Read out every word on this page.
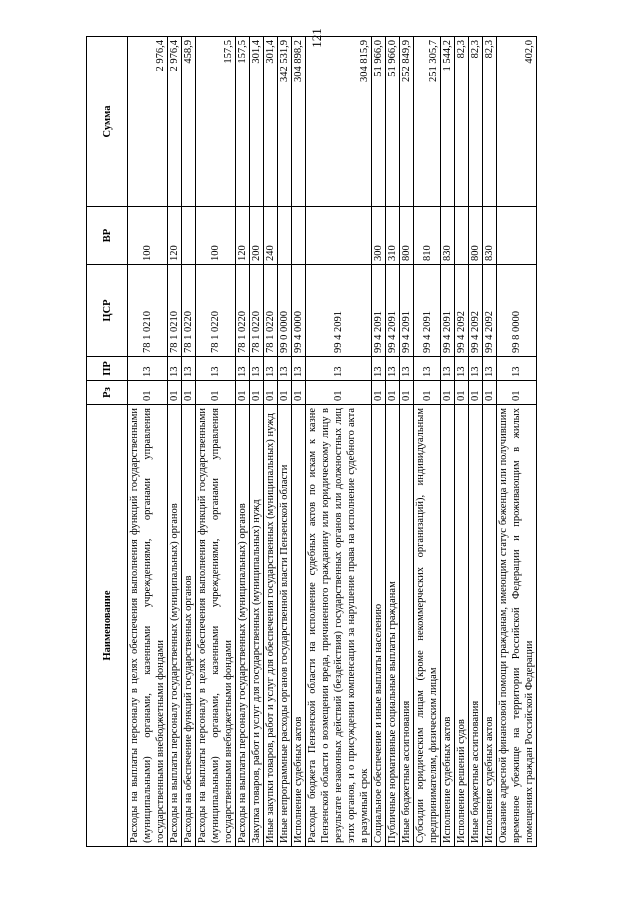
121
Наименование	Рз	ПР	ЦСР	ВР	Сумма
Расходы на выплаты персоналу в целях обеспечения выполнения функций государственными (муниципальными) органами, казенными учреждениями, органами управления государственными внебюджетными фондами	01	13	78 1 0210	100	2 976,4
Расходы на выплаты персоналу государственных (муниципальных) органов	01	13	78 1 0210	120	2 976,4
Расходы на обеспечение функций государственных органов	01	13	78 1 0220		458,9
Расходы на выплаты персоналу в целях обеспечения выполнения функций государственными (муниципальными) органами, казенными учреждениями, органами управления государственными внебюджетными фондами	01	13	78 1 0220	100	157,5
Расходы на выплаты персоналу государственных (муниципальных) органов	01	13	78 1 0220	120	157,5
Закупка товаров, работ и услуг для государственных (муниципальных) нужд	01	13	78 1 0220	200	301,4
Иные закупки товаров, работ и услуг для обеспечения государственных (муниципальных) нужд	01	13	78 1 0220	240	301,4
Иные непрограммные расходы органов государственной власти Пензенской области	01	13	99 0 0000		342 531,9
Исполнение судебных актов	01	13	99 4 0000		304 898,2
Расходы бюджета Пензенской области на исполнение судебных актов по искам к казне Пензенской области о возмещении вреда, причиненного гражданину или юридическому лицу в результате незаконных действий (бездействия) государственных органов или должностных лиц этих органов, и о присуждении компенсации за нарушение права на исполнение судебного акта в разумный срок	01	13	99 4 2091		304 815,9
Социальное обеспечение и иные выплаты населению	01	13	99 4 2091	300	51 966,0
Публичные нормативные социальные выплаты гражданам	01	13	99 4 2091	310	51 966,0
Иные бюджетные ассигнования	01	13	99 4 2091	800	252 849,9
Субсидии юридическим лицам (кроме некоммерческих организаций), индивидуальным предпринимателям, физическим лицам	01	13	99 4 2091	810	251 305,7
Исполнение судебных актов	01	13	99 4 2091	830	1 544,2
Исполнение решений судов	01	13	99 4 2092		82,3
Иные бюджетные ассигнования	01	13	99 4 2092	800	82,3
Исполнение судебных актов	01	13	99 4 2092	830	82,3
Оказание адресной финансовой помощи гражданам, имеющим статус беженца или получившим временное убежище на территории Российской Федерации и проживающим в жилых помещениях граждан Российской Федерации	01	13	99 8 0000		402,0
